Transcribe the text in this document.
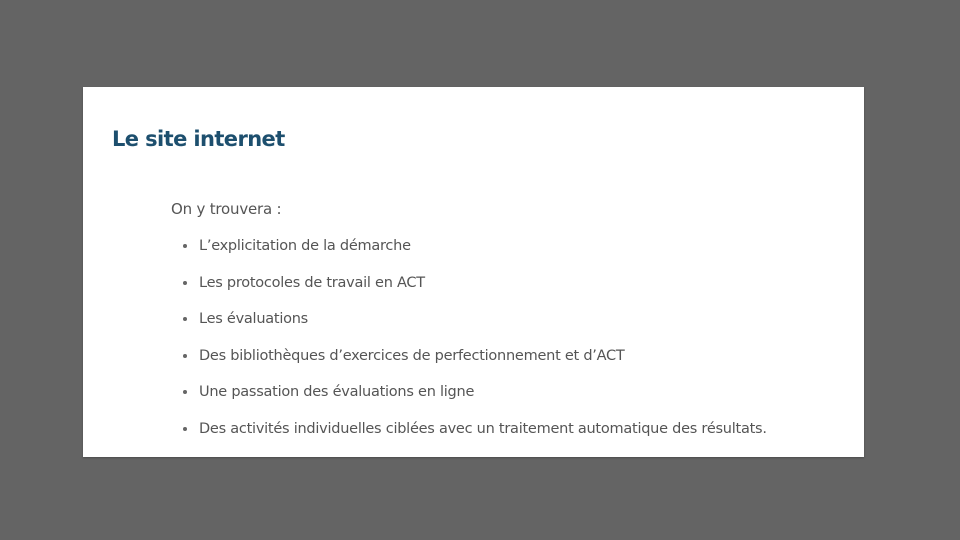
Le site internet

On y trouvera :

L’explicitation de la démarche
Les protocoles de travail en ACT
Les évaluations
Des bibliothèques d’exercices de perfectionnement et d’ACT
Une passation des évaluations en ligne
Des activités individuelles ciblées avec un traitement automatique des résultats.
